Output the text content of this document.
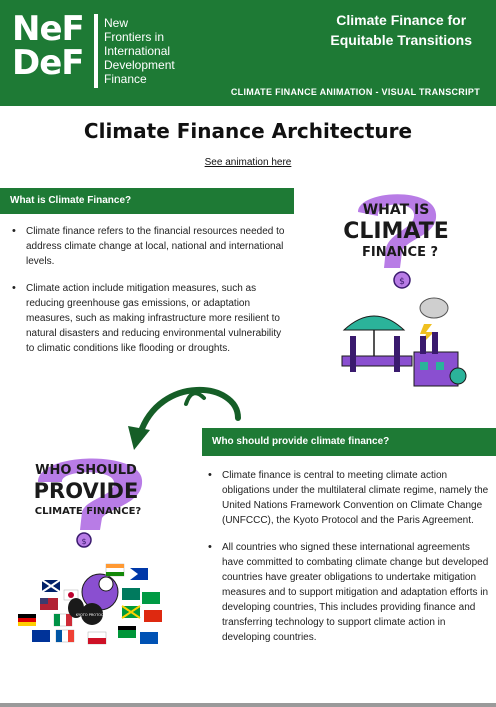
NeF
DeF
New
Frontiers in
International
Development
Finance
Climate Finance for
Equitable Transitions
CLIMATE FINANCE ANIMATION - VISUAL TRANSCRIPT
Climate Finance Architecture
See animation here
What is Climate Finance?
• Climate finance refers to the financial resources needed to address climate change at local, national and international levels.
• Climate action include mitigation measures, such as reducing greenhouse gas emissions, or adaptation measures, such as making infrastructure more resilient to natural disasters and reducing environmental vulnerability to climatic conditions like flooding or droughts.
WHAT IS
CLIMATE
FINANCE ?
$
Who should provide climate finance?
• Climate finance is central to meeting climate action obligations under the multilateral climate regime, namely the United Nations Framework Convention on Climate Change (UNFCCC), the Kyoto Protocol and the Paris Agreement.
• All countries who signed these international agreements have committed to combating climate change but developed countries have greater obligations to undertake mitigation measures and to support mitigation and adaptation efforts in developing countries, This includes providing finance and transferring technology to support climate action in developing countries.
WHO SHOULD
PROVIDE
CLIMATE FINANCE?
$
KYOTO PROTOCOL
